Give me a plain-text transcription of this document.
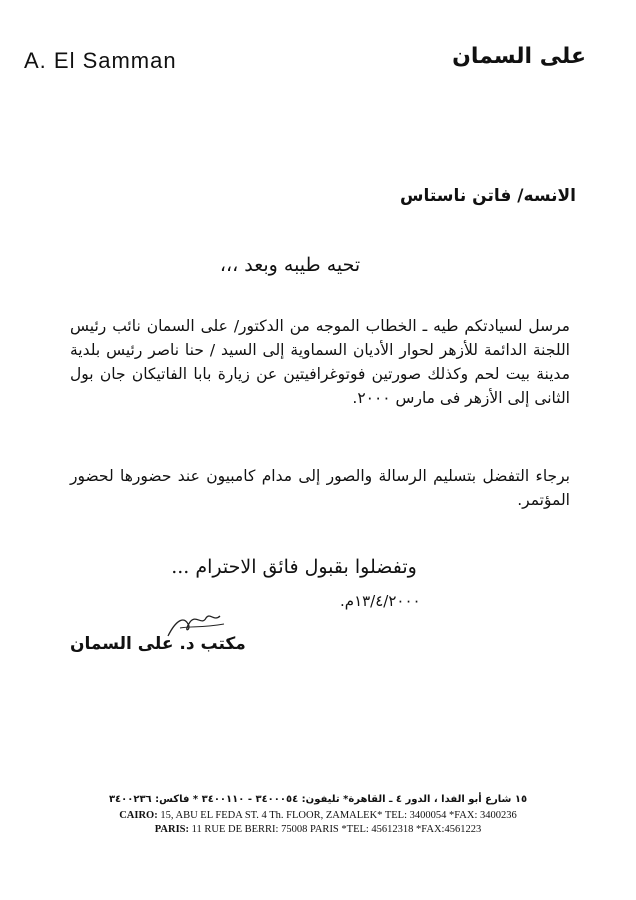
A. El Samman	على السمان
الانسه/ فاتن ناستاس
تحيه طيبه وبعد ،،،
مرسل لسيادتكم طيه ـ الخطاب الموجه من الدكتور/ على السمان نائب رئيس اللجنة الدائمة للأزهر لحوار الأديان السماوية إلى السيد / حنا ناصر رئيس بلدية مدينة بيت لحم وكذلك صورتين فوتوغرافيتين عن زيارة بابا الفاتيكان جان بول الثانى إلى الأزهر فى مارس ٢٠٠٠.
برجاء التفضل بتسليم الرسالة والصور إلى مدام كامبيون عند حضورها لحضور المؤتمر.
وتفضلوا بقبول فائق الاحترام ...
١٣/٤/٢٠٠٠م.
مكتب د. على السمان
١٥ شارع أبو الفدا ، الدور ٤ ـ القاهرة* تليفون: ٣٤٠٠٠٥٤ - ٣٤٠٠١١٠ * فاكس: ٣٤٠٠٢٣٦
CAIRO: 15, ABU EL FEDA ST. 4 Th. FLOOR, ZAMALEK* TEL: 3400054 *FAX: 3400236
PARIS: 11 RUE DE BERRI: 75008 PARIS *TEL: 45612318 *FAX:4561223
